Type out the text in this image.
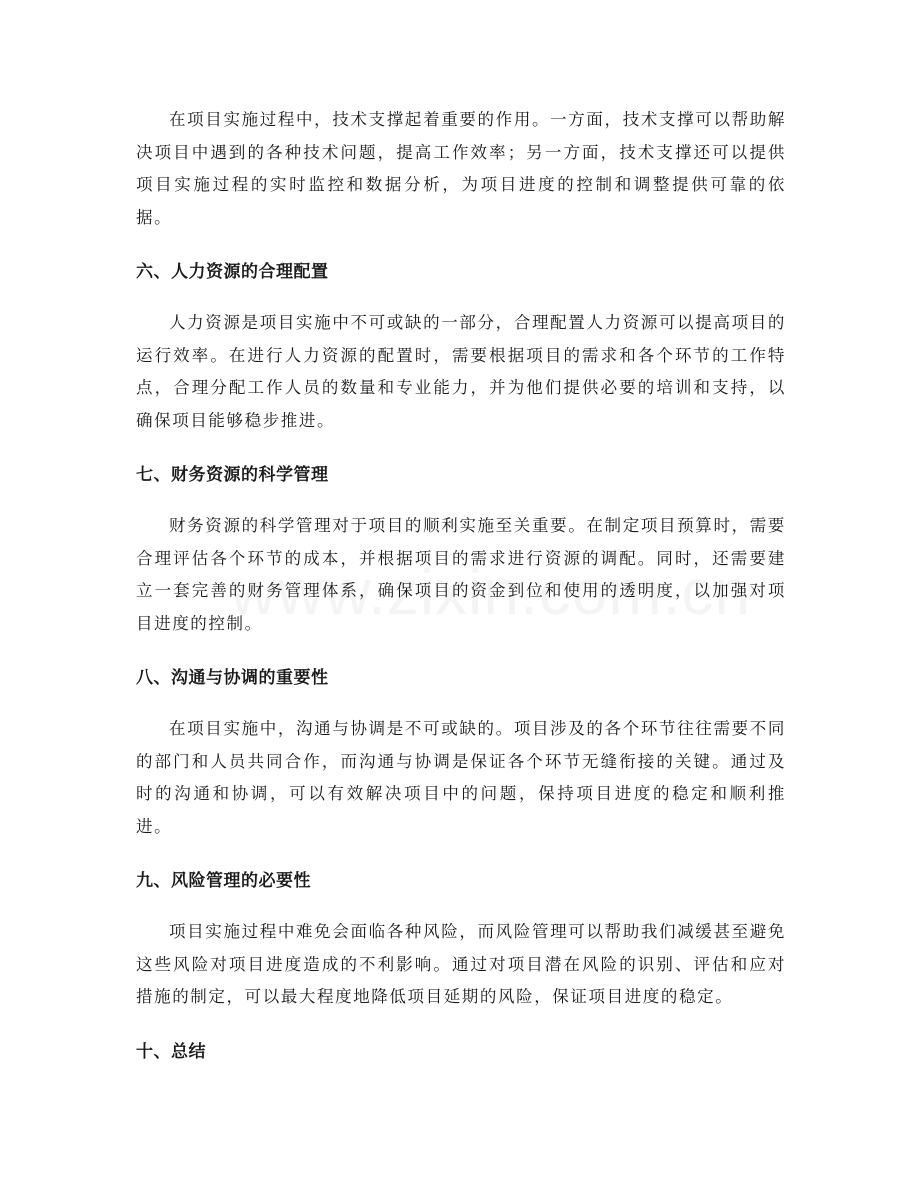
在项目实施过程中，技术支撑起着重要的作用。一方面，技术支撑可以帮助解决项目中遇到的各种技术问题，提高工作效率；另一方面，技术支撑还可以提供项目实施过程的实时监控和数据分析，为项目进度的控制和调整提供可靠的依据。

六、人力资源的合理配置

人力资源是项目实施中不可或缺的一部分，合理配置人力资源可以提高项目的运行效率。在进行人力资源的配置时，需要根据项目的需求和各个环节的工作特点，合理分配工作人员的数量和专业能力，并为他们提供必要的培训和支持，以确保项目能够稳步推进。

七、财务资源的科学管理

财务资源的科学管理对于项目的顺利实施至关重要。在制定项目预算时，需要合理评估各个环节的成本，并根据项目的需求进行资源的调配。同时，还需要建立一套完善的财务管理体系，确保项目的资金到位和使用的透明度，以加强对项目进度的控制。

八、沟通与协调的重要性

在项目实施中，沟通与协调是不可或缺的。项目涉及的各个环节往往需要不同的部门和人员共同合作，而沟通与协调是保证各个环节无缝衔接的关键。通过及时的沟通和协调，可以有效解决项目中的问题，保持项目进度的稳定和顺利推进。

九、风险管理的必要性

项目实施过程中难免会面临各种风险，而风险管理可以帮助我们减缓甚至避免这些风险对项目进度造成的不利影响。通过对项目潜在风险的识别、评估和应对措施的制定，可以最大程度地降低项目延期的风险，保证项目进度的稳定。

十、总结
